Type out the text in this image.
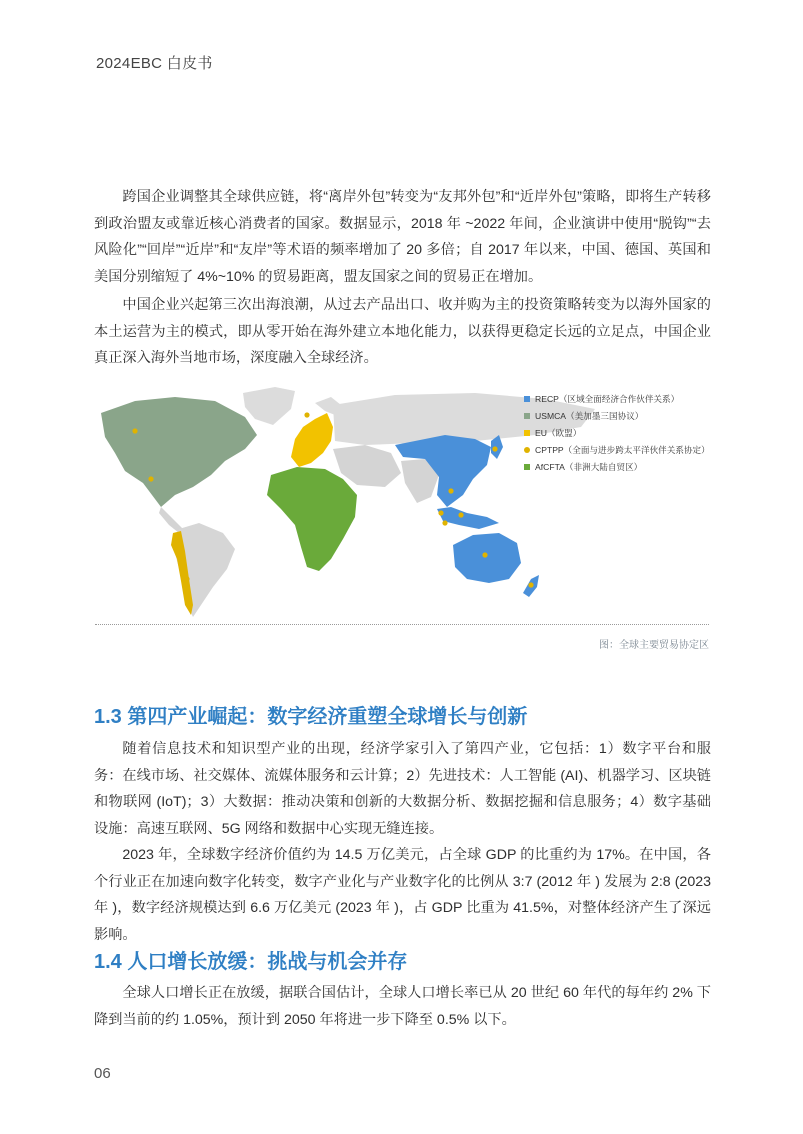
2024EBC 白皮书

跨国企业调整其全球供应链，将“离岸外包”转变为“友邦外包”和“近岸外包”策略，即将生产转移到政治盟友或靠近核心消费者的国家。数据显示，2018 年 ~2022 年间，企业演讲中使用“脱钩”“去风险化”“回岸”“近岸”和“友岸”等术语的频率增加了 20 多倍；自 2017 年以来，中国、德国、英国和美国分别缩短了 4%~10% 的贸易距离，盟友国家之间的贸易正在增加。

中国企业兴起第三次出海浪潮，从过去产品出口、收并购为主的投资策略转变为以海外国家的本土运营为主的模式，即从零开始在海外建立本地化能力，以获得更稳定长远的立足点，中国企业真正深入海外当地市场，深度融入全球经济。

RECP（区域全面经济合作伙伴关系）
USMCA（美加墨三国协议）
EU（欧盟）
CPTPP（全面与进步跨太平洋伙伴关系协定）
AfCFTA（非洲大陆自贸区）
图：全球主要贸易协定区
1.3 第四产业崛起：数字经济重塑全球增长与创新

随着信息技术和知识型产业的出现，经济学家引入了第四产业，它包括：1）数字平台和服务：在线市场、社交媒体、流媒体服务和云计算；2）先进技术：人工智能 (AI)、机器学习、区块链和物联网 (IoT)；3）大数据：推动决策和创新的大数据分析、数据挖掘和信息服务；4）数字基础设施：高速互联网、5G 网络和数据中心实现无缝连接。

2023 年，全球数字经济价值约为 14.5 万亿美元，占全球 GDP 的比重约为 17%。在中国，各个行业正在加速向数字化转变，数字产业化与产业数字化的比例从 3:7 (2012 年 ) 发展为 2:8 (2023 年 )，数字经济规模达到 6.6 万亿美元 (2023 年 )，占 GDP 比重为 41.5%，对整体经济产生了深远影响。

1.4 人口增长放缓：挑战与机会并存

全球人口增长正在放缓，据联合国估计，全球人口增长率已从 20 世纪 60 年代的每年约 2% 下降到当前的约 1.05%，预计到 2050 年将进一步下降至 0.5% 以下。

06
